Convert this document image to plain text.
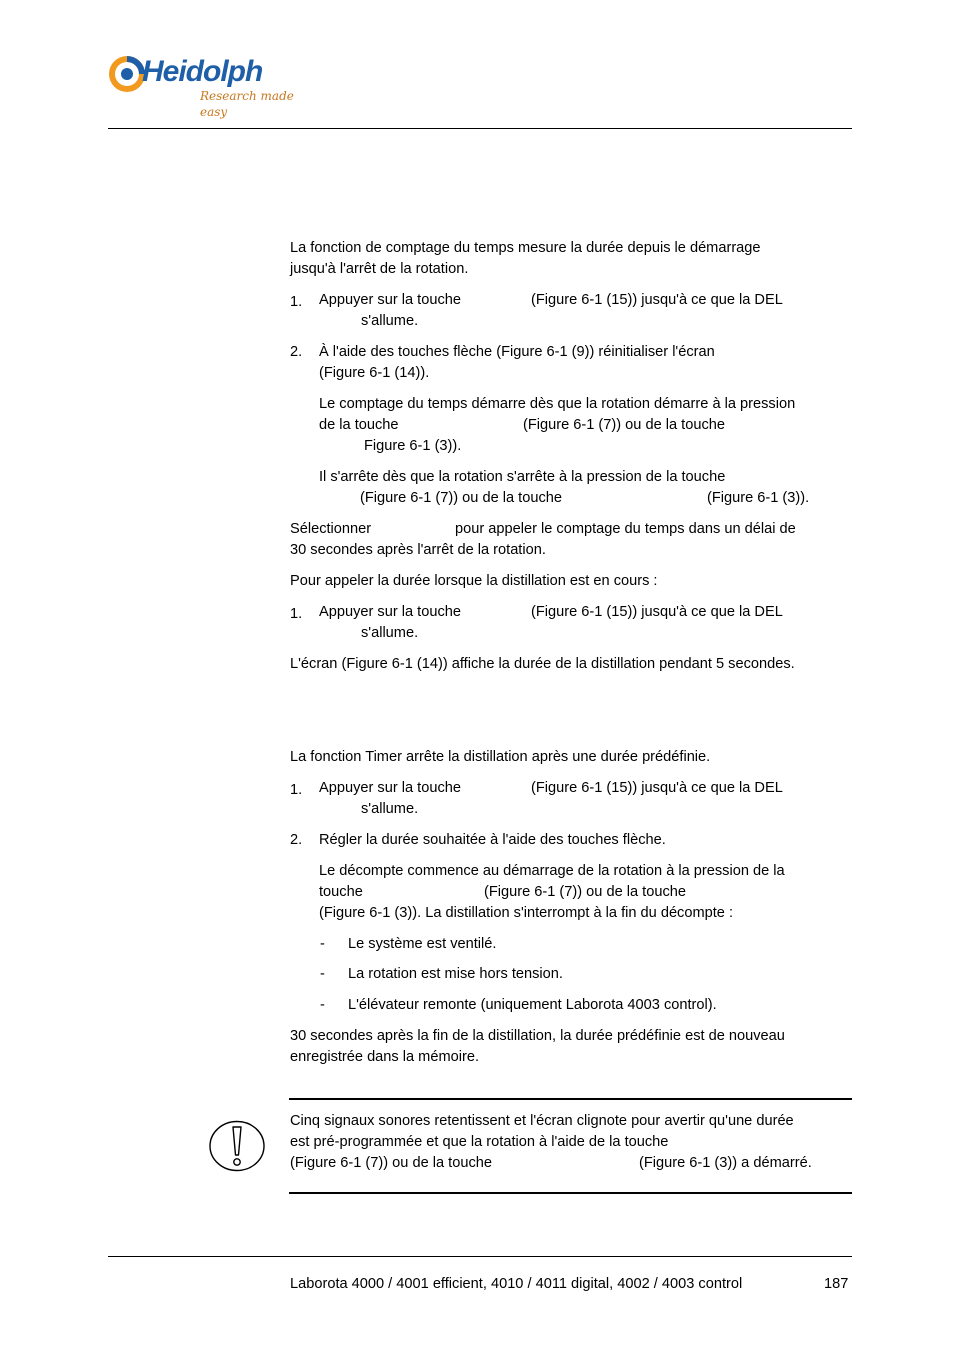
Heidolph
Research made easy
La fonction de comptage du temps mesure la durée depuis le démarrage
jusqu'à l'arrêt de la rotation.
1. Appuyer sur la touche	(Figure 6-1 (15)) jusqu'à ce que la DEL
s'allume.
2. À l'aide des touches flèche (Figure 6-1 (9)) réinitialiser l'écran
(Figure 6-1 (14)).
Le comptage du temps démarre dès que la rotation démarre à la pression
de la touche	(Figure 6-1 (7)) ou de la touche
Figure 6-1 (3)).
Il s'arrête dès que la rotation s'arrête à la pression de la touche
(Figure 6-1 (7)) ou de la touche	(Figure 6-1 (3)).
Sélectionner	pour appeler le comptage du temps dans un délai de
30 secondes après l'arrêt de la rotation.
Pour appeler la durée lorsque la distillation est en cours :
1. Appuyer sur la touche	(Figure 6-1 (15)) jusqu'à ce que la DEL
s'allume.
L'écran (Figure 6-1 (14)) affiche la durée de la distillation pendant 5 secondes.
La fonction Timer arrête la distillation après une durée prédéfinie.
1. Appuyer sur la touche	(Figure 6-1 (15)) jusqu'à ce que la DEL
s'allume.
2. Régler la durée souhaitée à l'aide des touches flèche.
Le décompte commence au démarrage de la rotation à la pression de la
touche	(Figure 6-1 (7)) ou de la touche
(Figure 6-1 (3)). La distillation s'interrompt à la fin du décompte :
- Le système est ventilé.
- La rotation est mise hors tension.
- L'élévateur remonte (uniquement Laborota 4003 control).
30 secondes après la fin de la distillation, la durée prédéfinie est de nouveau
enregistrée dans la mémoire.
Cinq signaux sonores retentissent et l'écran clignote pour avertir qu'une durée
est pré-programmée et que la rotation à l'aide de la touche
(Figure 6-1 (7)) ou de la touche	(Figure 6-1 (3)) a démarré.
Laborota 4000 / 4001 efficient, 4010 / 4011 digital, 4002 / 4003 control	187
